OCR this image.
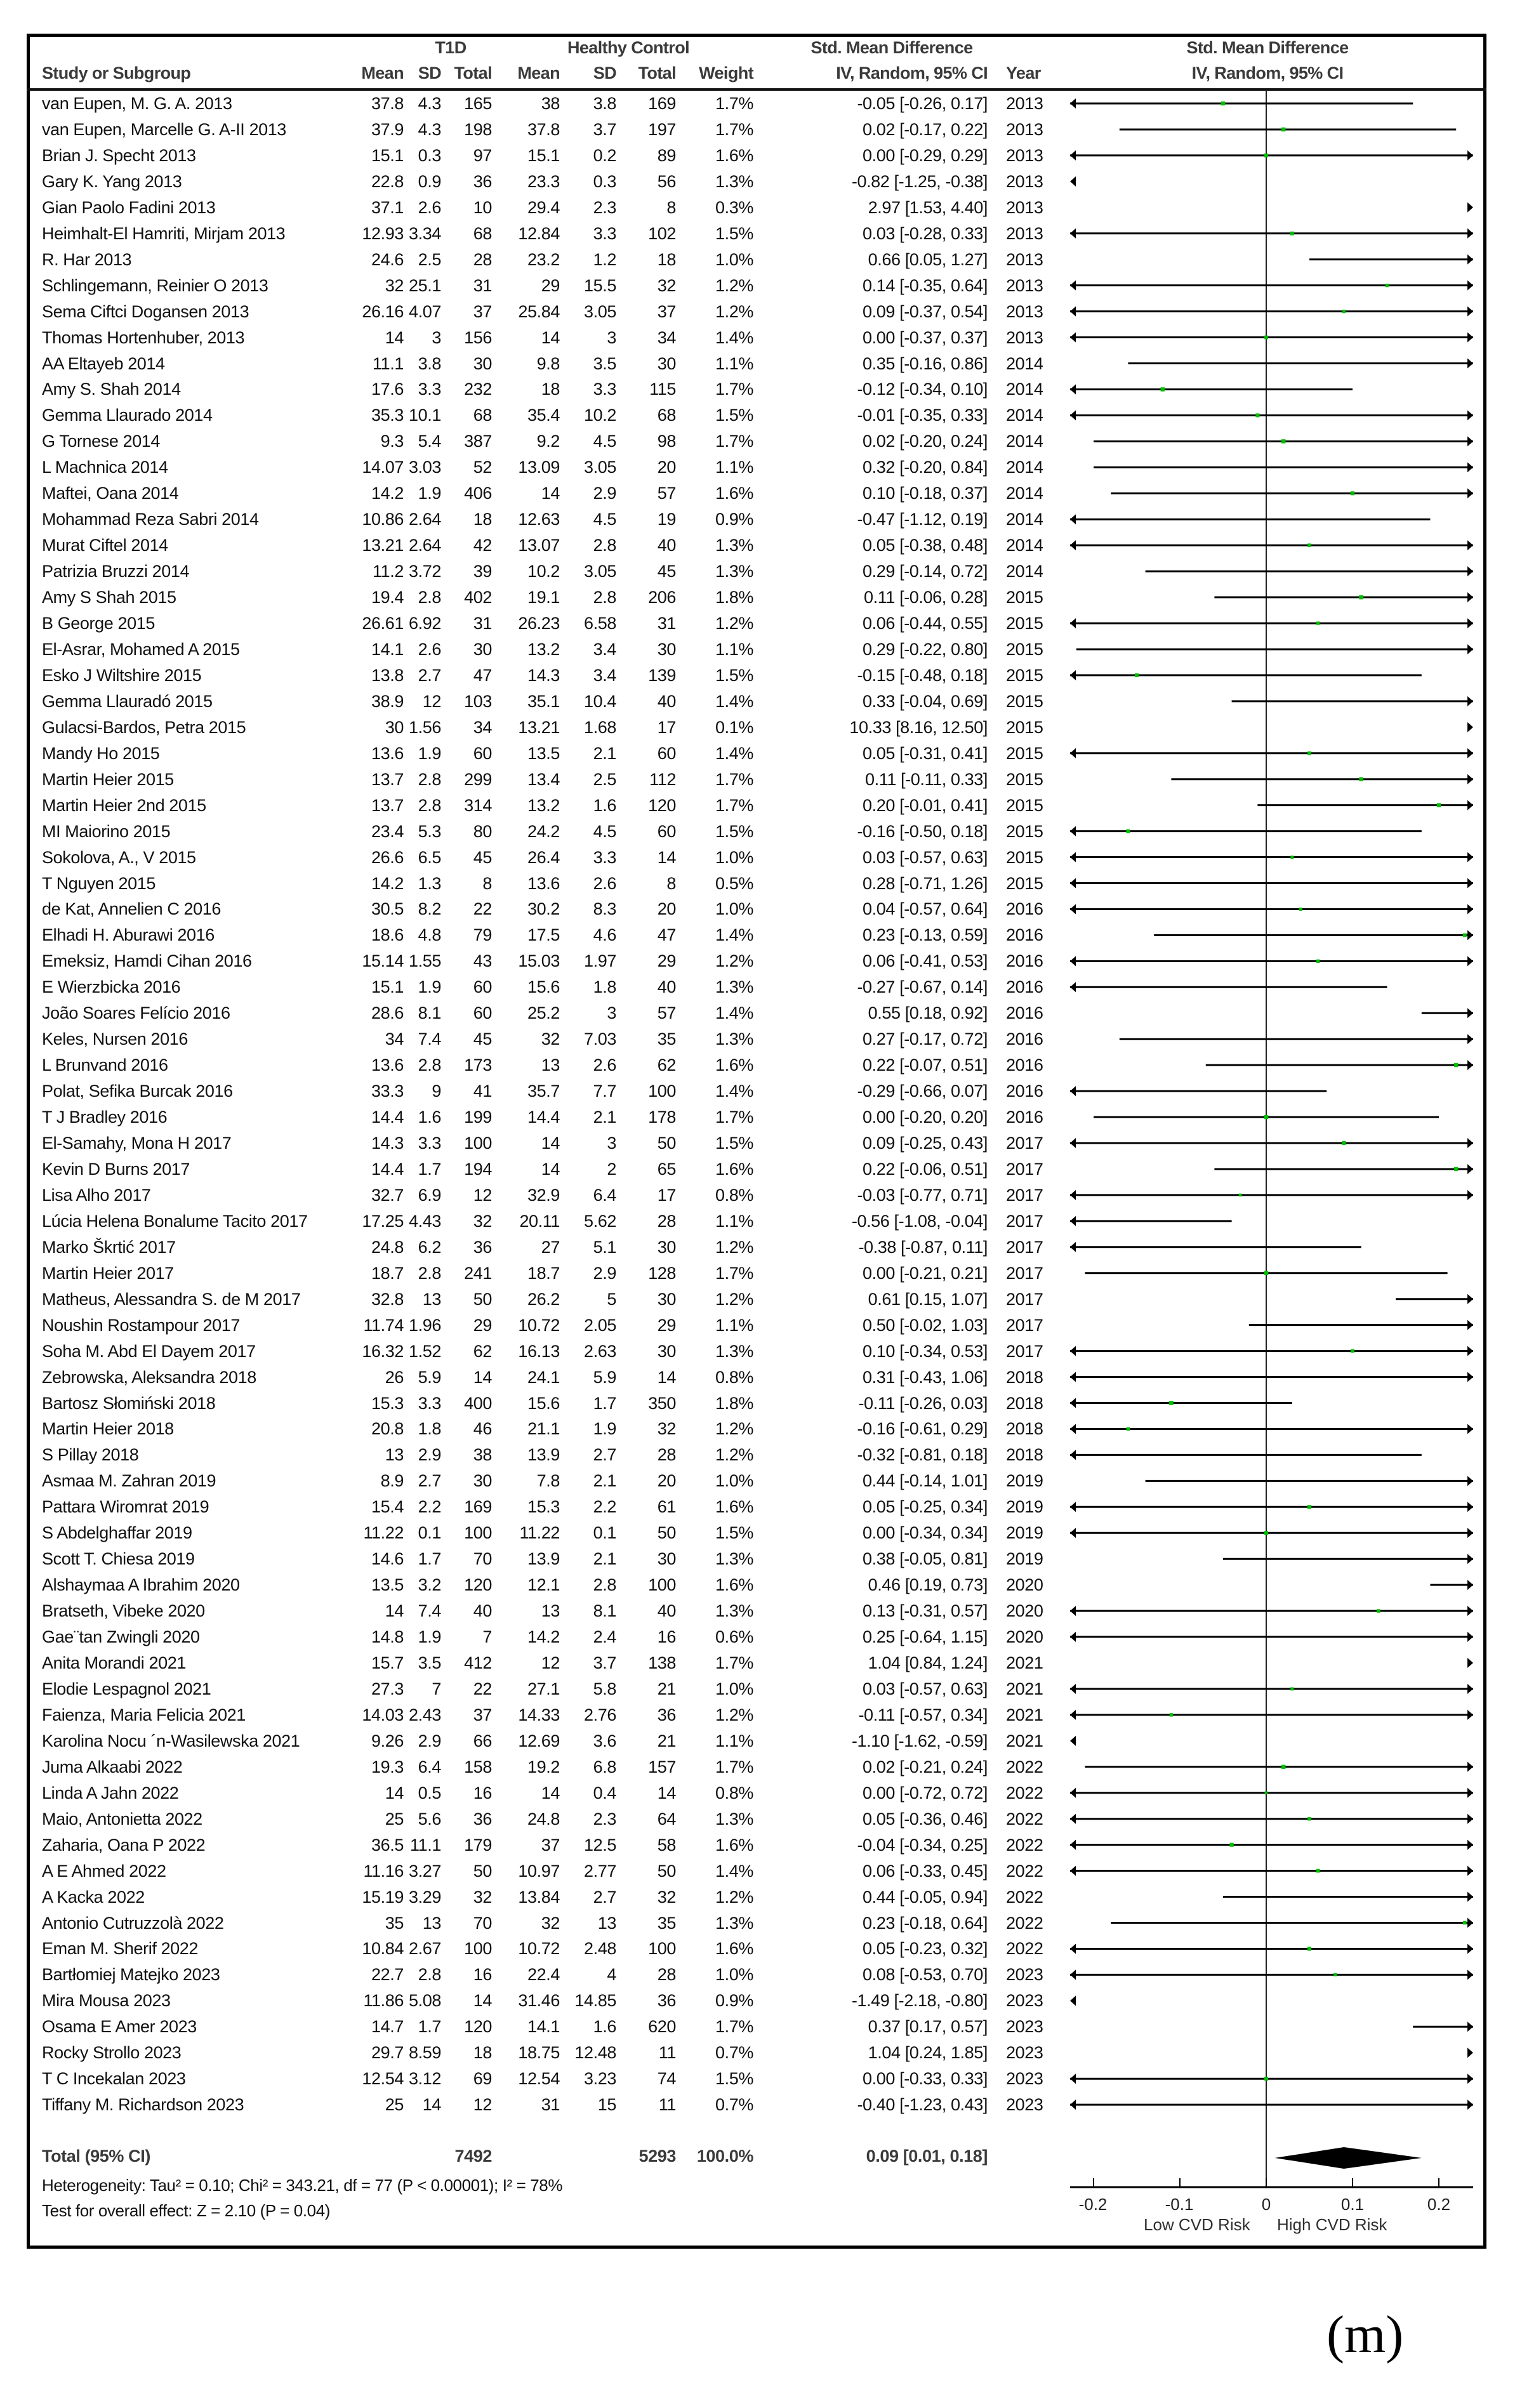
T1D	Healthy Control	Std. Mean Difference	Std. Mean Difference
Study or Subgroup	Mean SD Total Mean SD Total Weight	IV, Random, 95% CI Year	IV, Random, 95% CI
van Eupen, M. G. A. 2013	37.8 4.3 165	38 3.8 169 1.7%	-0.05 [-0.26, 0.17] 2013
van Eupen, Marcelle G. A-II 2013	37.9 4.3 198 37.8 3.7 197 1.7%	0.02 [-0.17, 0.22] 2013
Brian J. Specht 2013	15.1 0.3 97 15.1 0.2 89 1.6%	0.00 [-0.29, 0.29] 2013
Gary K. Yang 2013	22.8 0.9 36 23.3 0.3 56 1.3%	-0.82 [-1.25, -0.38] 2013
Gian Paolo Fadini 2013	37.1 2.6 10 29.4 2.3	8 0.3%	2.97 [1.53, 4.40] 2013
Heimhalt-El Hamriti, Mirjam 2013	12.93 3.34 68 12.84 3.3 102 1.5%	0.03 [-0.28, 0.33] 2013
R. Har 2013	24.6 2.5 28 23.2 1.2 18 1.0%	0.66 [0.05, 1.27] 2013
Schlingemann, Reinier O 2013	32 25.1 31	29 15.5 32 1.2%	0.14 [-0.35, 0.64] 2013
Sema Ciftci Dogansen 2013	26.16 4.07 37 25.84 3.05 37 1.2%	0.09 [-0.37, 0.54] 2013
Thomas Hortenhuber, 2013	14 3 156	14	3 34 1.4%	0.00 [-0.37, 0.37] 2013
AA Eltayeb 2014	11.1 3.8 30	9.8 3.5 30 1.1%	0.35 [-0.16, 0.86] 2014
Amy S. Shah 2014	17.6 3.3 232	18 3.3 115 1.7%	-0.12 [-0.34, 0.10] 2014
Gemma Llaurado 2014	35.3 10.1 68 35.4 10.2 68 1.5%	-0.01 [-0.35, 0.33] 2014
G Tornese 2014	9.3 5.4 387	9.2 4.5 98 1.7%	0.02 [-0.20, 0.24] 2014
L Machnica 2014	14.07 3.03 52 13.09 3.05 20 1.1%	0.32 [-0.20, 0.84] 2014
Maftei, Oana 2014	14.2 1.9 406	14 2.9 57 1.6%	0.10 [-0.18, 0.37] 2014
Mohammad Reza Sabri 2014	10.86 2.64 18 12.63 4.5 19 0.9%	-0.47 [-1.12, 0.19] 2014
Murat Ciftel 2014	13.21 2.64 42 13.07 2.8 40 1.3%	0.05 [-0.38, 0.48] 2014
Patrizia Bruzzi 2014	11.2 3.72 39 10.2 3.05 45 1.3%	0.29 [-0.14, 0.72] 2014
Amy S Shah 2015	19.4 2.8 402 19.1 2.8 206 1.8%	0.11 [-0.06, 0.28] 2015
B George 2015	26.61 6.92 31 26.23 6.58 31 1.2%	0.06 [-0.44, 0.55] 2015
El-Asrar, Mohamed A 2015	14.1 2.6 30 13.2 3.4 30 1.1%	0.29 [-0.22, 0.80] 2015
Esko J Wiltshire 2015	13.8 2.7 47 14.3 3.4 139 1.5%	-0.15 [-0.48, 0.18] 2015
Gemma Llauradó 2015	38.9 12 103 35.1 10.4 40 1.4%	0.33 [-0.04, 0.69] 2015
Gulacsi-Bardos, Petra 2015	30 1.56 34 13.21 1.68 17 0.1%	10.33 [8.16, 12.50] 2015
Mandy Ho 2015	13.6 1.9 60 13.5 2.1 60 1.4%	0.05 [-0.31, 0.41] 2015
Martin Heier 2015	13.7 2.8 299 13.4 2.5 112 1.7%	0.11 [-0.11, 0.33] 2015
Martin Heier 2nd 2015	13.7 2.8 314 13.2 1.6 120 1.7%	0.20 [-0.01, 0.41] 2015
MI Maiorino 2015	23.4 5.3 80 24.2 4.5 60 1.5%	-0.16 [-0.50, 0.18] 2015
Sokolova, A., V 2015	26.6 6.5 45 26.4 3.3 14 1.0%	0.03 [-0.57, 0.63] 2015
T Nguyen 2015	14.2 1.3 8 13.6 2.6	8 0.5%	0.28 [-0.71, 1.26] 2015
de Kat, Annelien C 2016	30.5 8.2 22 30.2 8.3 20 1.0%	0.04 [-0.57, 0.64] 2016
Elhadi H. Aburawi 2016	18.6 4.8 79 17.5 4.6 47 1.4%	0.23 [-0.13, 0.59] 2016
Emeksiz, Hamdi Cihan 2016	15.14 1.55 43 15.03 1.97 29 1.2%	0.06 [-0.41, 0.53] 2016
E Wierzbicka 2016	15.1 1.9 60 15.6 1.8 40 1.3%	-0.27 [-0.67, 0.14] 2016
João Soares Felício 2016	28.6 8.1 60 25.2	3 57 1.4%	0.55 [0.18, 0.92] 2016
Keles, Nursen 2016	34 7.4 45	32 7.03 35 1.3%	0.27 [-0.17, 0.72] 2016
L Brunvand 2016	13.6 2.8 173	13 2.6 62 1.6%	0.22 [-0.07, 0.51] 2016
Polat, Sefika Burcak 2016	33.3 9 41 35.7 7.7 100 1.4%	-0.29 [-0.66, 0.07] 2016
T J Bradley 2016	14.4 1.6 199 14.4 2.1 178 1.7%	0.00 [-0.20, 0.20] 2016
El-Samahy, Mona H 2017	14.3 3.3 100	14	3 50 1.5%	0.09 [-0.25, 0.43] 2017
Kevin D Burns 2017	14.4 1.7 194	14	2 65 1.6%	0.22 [-0.06, 0.51] 2017
Lisa Alho 2017	32.7 6.9 12 32.9 6.4 17 0.8%	-0.03 [-0.77, 0.71] 2017
Lúcia Helena Bonalume Tacito 2017	17.25 4.43 32 20.11 5.62 28 1.1%	-0.56 [-1.08, -0.04] 2017
Marko Škrtić 2017	24.8 6.2 36	27 5.1 30 1.2%	-0.38 [-0.87, 0.11] 2017
Martin Heier 2017	18.7 2.8 241 18.7 2.9 128 1.7%	0.00 [-0.21, 0.21] 2017
Matheus, Alessandra S. de M 2017	32.8 13 50 26.2	5 30 1.2%	0.61 [0.15, 1.07] 2017
Noushin Rostampour 2017	11.74 1.96 29 10.72 2.05 29 1.1%	0.50 [-0.02, 1.03] 2017
Soha M. Abd El Dayem 2017	16.32 1.52 62 16.13 2.63 30 1.3%	0.10 [-0.34, 0.53] 2017
Zebrowska, Aleksandra 2018	26 5.9 14 24.1 5.9 14 0.8%	0.31 [-0.43, 1.06] 2018
Bartosz Słomiński 2018	15.3 3.3 400 15.6 1.7 350 1.8%	-0.11 [-0.26, 0.03] 2018
Martin Heier 2018	20.8 1.8 46 21.1 1.9 32 1.2%	-0.16 [-0.61, 0.29] 2018
S Pillay 2018	13 2.9 38 13.9 2.7 28 1.2%	-0.32 [-0.81, 0.18] 2018
Asmaa M. Zahran 2019	8.9 2.7 30	7.8 2.1 20 1.0%	0.44 [-0.14, 1.01] 2019
Pattara Wiromrat 2019	15.4 2.2 169 15.3 2.2 61 1.6%	0.05 [-0.25, 0.34] 2019
S Abdelghaffar 2019	11.22 0.1 100 11.22 0.1 50 1.5%	0.00 [-0.34, 0.34] 2019
Scott T. Chiesa 2019	14.6 1.7 70 13.9 2.1 30 1.3%	0.38 [-0.05, 0.81] 2019
Alshaymaa A Ibrahim 2020	13.5 3.2 120 12.1 2.8 100 1.6%	0.46 [0.19, 0.73] 2020
Bratseth, Vibeke 2020	14 7.4 40	13 8.1 40 1.3%	0.13 [-0.31, 0.57] 2020
Gae¨tan Zwingli 2020	14.8 1.9 7 14.2 2.4 16 0.6%	0.25 [-0.64, 1.15] 2020
Anita Morandi 2021	15.7 3.5 412	12 3.7 138 1.7%	1.04 [0.84, 1.24] 2021
Elodie Lespagnol 2021	27.3 7 22 27.1 5.8 21 1.0%	0.03 [-0.57, 0.63] 2021
Faienza, Maria Felicia 2021	14.03 2.43 37 14.33 2.76 36 1.2%	-0.11 [-0.57, 0.34] 2021
Karolina Nocu ´n-Wasilewska 2021	9.26 2.9 66 12.69 3.6 21 1.1%	-1.10 [-1.62, -0.59] 2021
Juma Alkaabi 2022	19.3 6.4 158 19.2 6.8 157 1.7%	0.02 [-0.21, 0.24] 2022
Linda A Jahn 2022	14 0.5 16	14 0.4 14 0.8%	0.00 [-0.72, 0.72] 2022
Maio, Antonietta 2022	25 5.6 36 24.8 2.3 64 1.3%	0.05 [-0.36, 0.46] 2022
Zaharia, Oana P 2022	36.5 11.1 179	37 12.5 58 1.6%	-0.04 [-0.34, 0.25] 2022
A E Ahmed 2022	11.16 3.27 50 10.97 2.77 50 1.4%	0.06 [-0.33, 0.45] 2022
A Kacka 2022	15.19 3.29 32 13.84 2.7 32 1.2%	0.44 [-0.05, 0.94] 2022
Antonio Cutruzzolà 2022	35 13 70	32 13 35 1.3%	0.23 [-0.18, 0.64] 2022
Eman M. Sherif 2022	10.84 2.67 100 10.72 2.48 100 1.6%	0.05 [-0.23, 0.32] 2022
Bartłomiej Matejko 2023	22.7 2.8 16 22.4	4 28 1.0%	0.08 [-0.53, 0.70] 2023
Mira Mousa 2023	11.86 5.08 14 31.46 14.85 36 0.9%	-1.49 [-2.18, -0.80] 2023
Osama E Amer 2023	14.7 1.7 120 14.1 1.6 620 1.7%	0.37 [0.17, 0.57] 2023
Rocky Strollo 2023	29.7 8.59 18 18.75 12.48 11 0.7%	1.04 [0.24, 1.85] 2023
T C Incekalan 2023	12.54 3.12 69 12.54 3.23 74 1.5%	0.00 [-0.33, 0.33] 2023
Tiffany M. Richardson 2023	25 14 12	31 15 11 0.7%	-0.40 [-1.23, 0.43] 2023
Total (95% CI)	7492	5293 100.0%	0.09 [0.01, 0.18]
Heterogeneity: Tau² = 0.10; Chi² = 343.21, df = 77 (P < 0.00001); I² = 78%
Test for overall effect: Z = 2.10 (P = 0.04)	-0.2	-0.1	0	0.1	0.2
Low CVD Risk High CVD Risk
(m)
